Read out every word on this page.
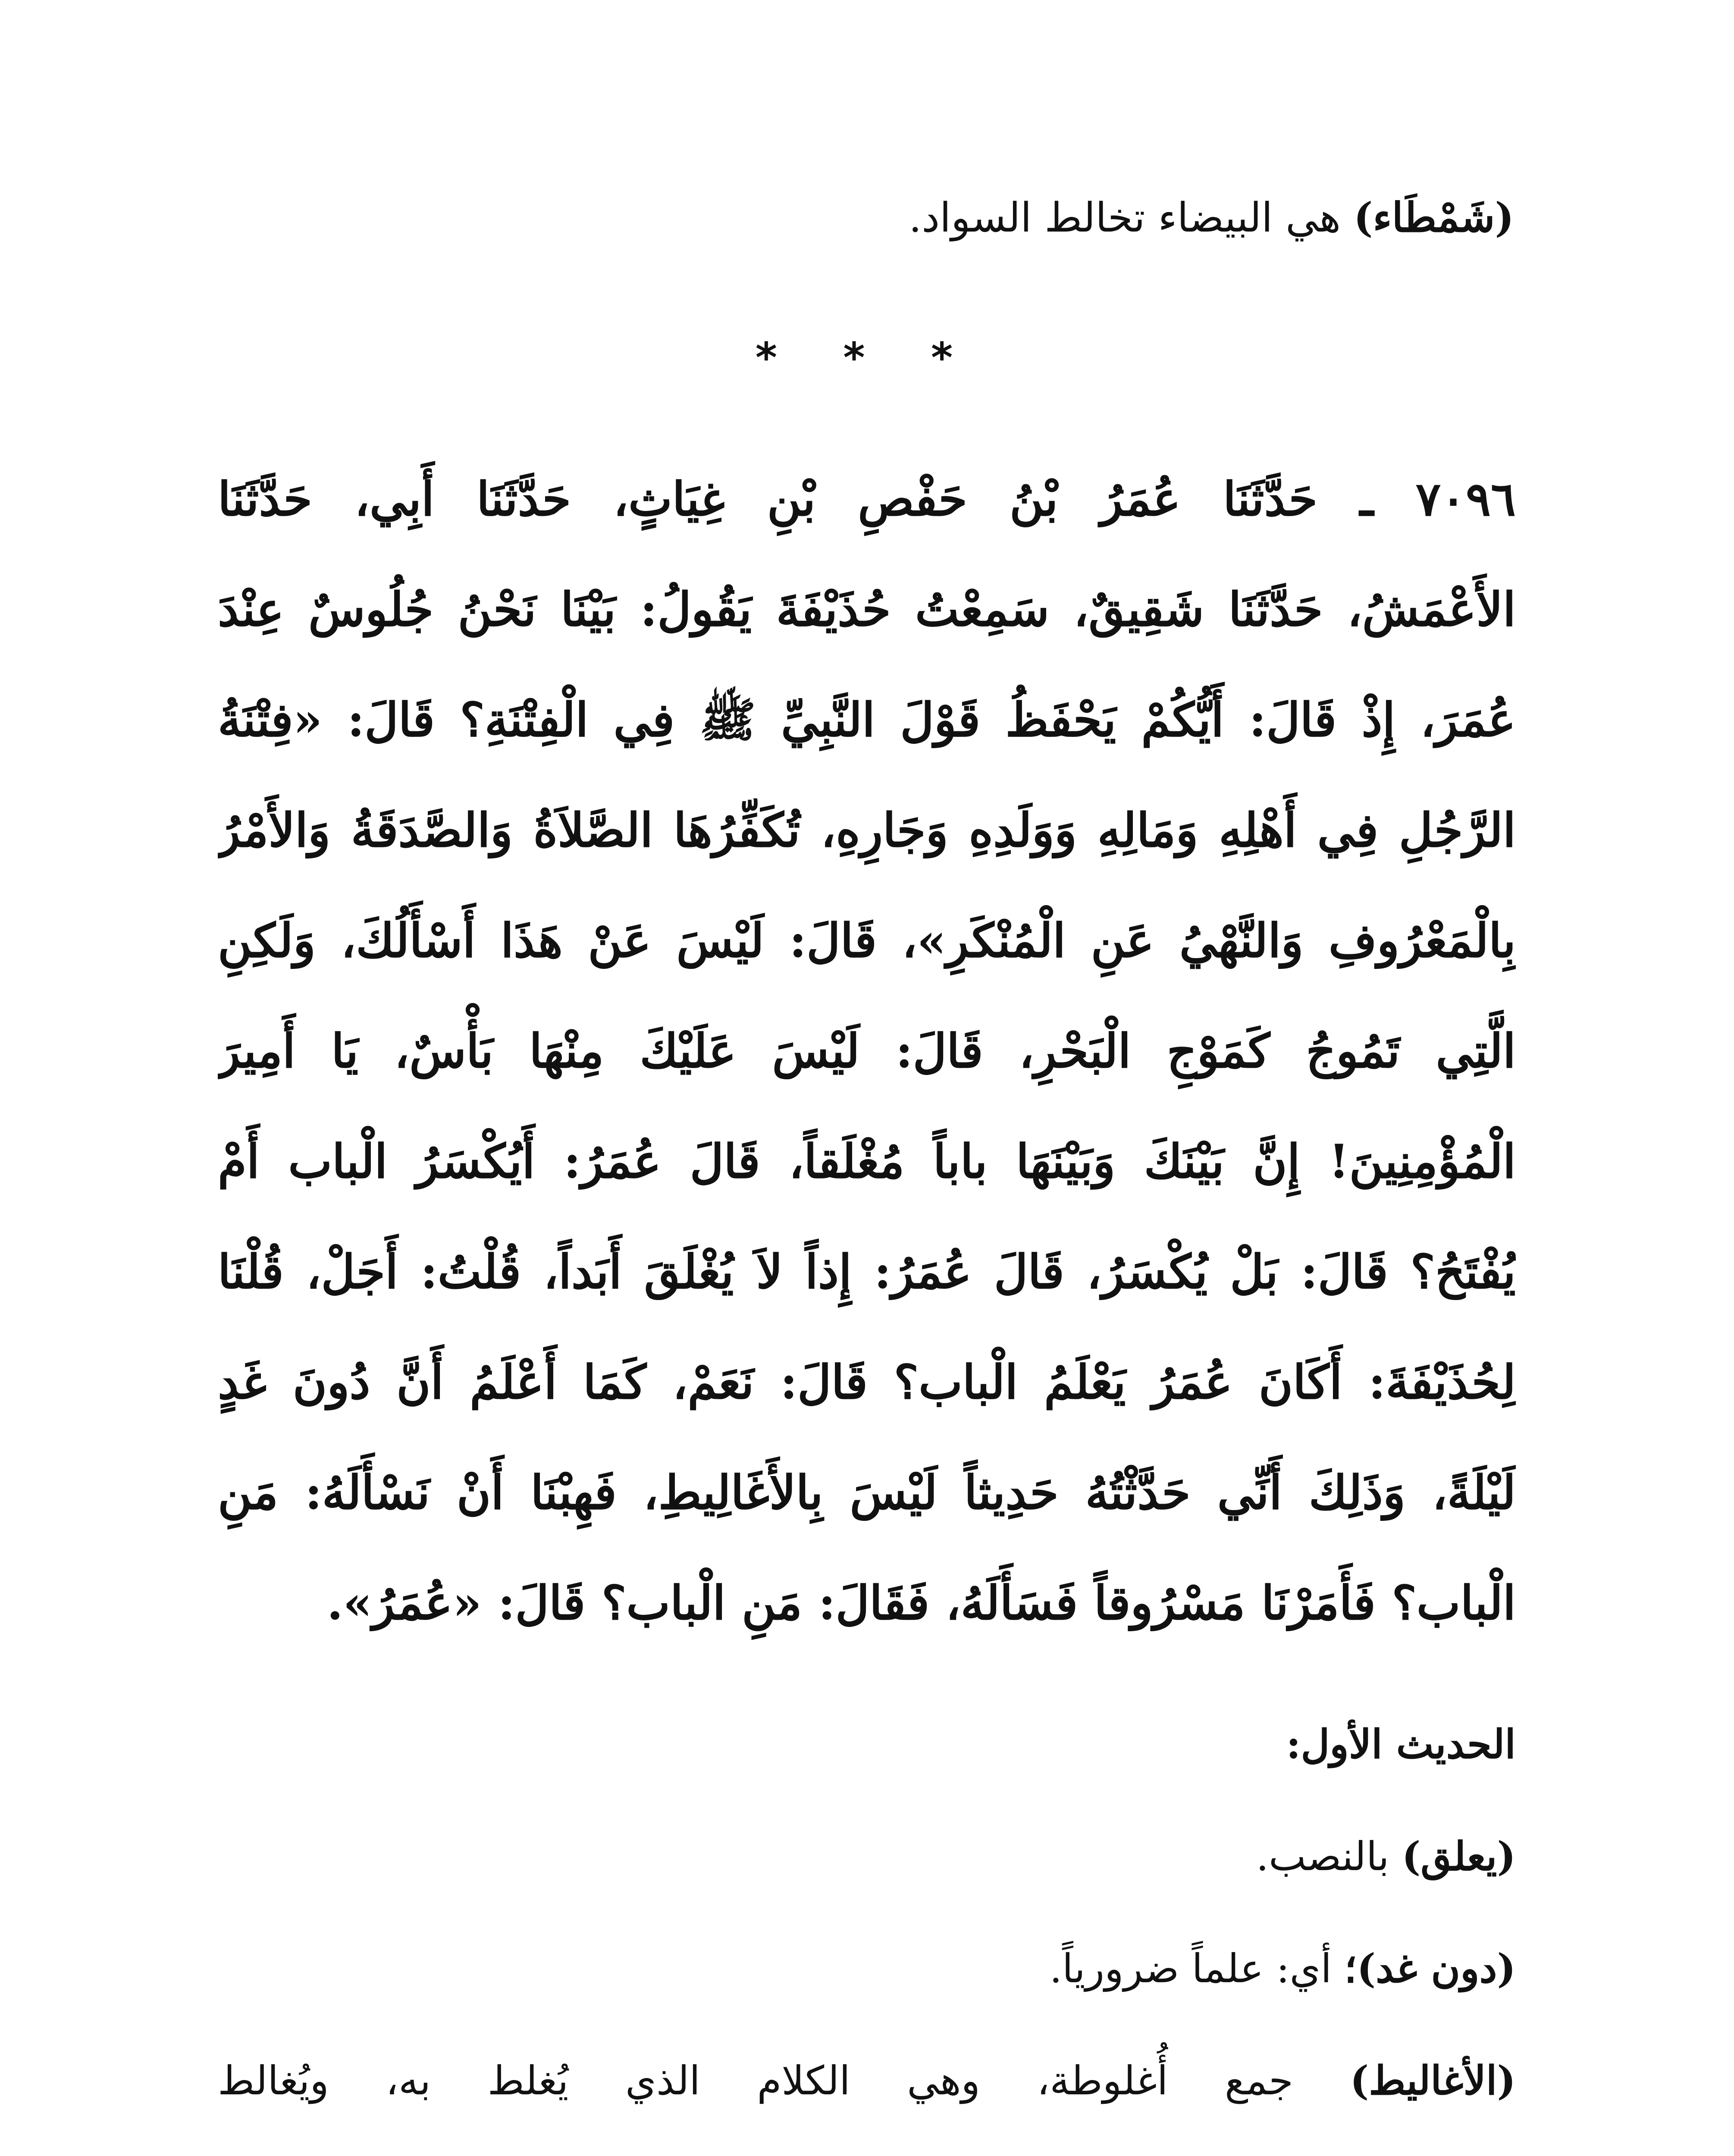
(شَمْطَاء) هي البيضاء تخالط السواد.
* * *
٧٠٩٦ ـ حَدَّثَنَا عُمَرُ بْنُ حَفْصِ بْنِ غِيَاثٍ، حَدَّثَنَا أَبِي، حَدَّثَنَا
الأَعْمَشُ، حَدَّثَنَا شَقِيقٌ، سَمِعْتُ حُذَيْفَةَ يَقُولُ: بَيْنَا نَحْنُ جُلُوسٌ عِنْدَ
عُمَرَ، إِذْ قَالَ: أَيُّكُمْ يَحْفَظُ قَوْلَ النَّبِيِّ ﷺ فِي الْفِتْنَةِ؟ قَالَ: «فِتْنَةُ
الرَّجُلِ فِي أَهْلِهِ وَمَالِهِ وَوَلَدِهِ وَجَارِهِ، تُكَفِّرُهَا الصَّلاَةُ وَالصَّدَقَةُ وَالأَمْرُ
بِالْمَعْرُوفِ وَالنَّهْيُ عَنِ الْمُنْكَرِ»، قَالَ: لَيْسَ عَنْ هَذَا أَسْأَلُكَ، وَلَكِنِ
الَّتِي تَمُوجُ كَمَوْجِ الْبَحْرِ، قَالَ: لَيْسَ عَلَيْكَ مِنْهَا بَأْسٌ، يَا أَمِيرَ
الْمُؤْمِنِينَ! إِنَّ بَيْنَكَ وَبَيْنَهَا باباً مُغْلَقاً، قَالَ عُمَرُ: أَيُكْسَرُ الْباب أَمْ
يُفْتَحُ؟ قَالَ: بَلْ يُكْسَرُ، قَالَ عُمَرُ: إِذاً لاَ يُغْلَقَ أَبَداً، قُلْتُ: أَجَلْ، قُلْنَا
لِحُذَيْفَةَ: أَكَانَ عُمَرُ يَعْلَمُ الْباب؟ قَالَ: نَعَمْ، كَمَا أَعْلَمُ أَنَّ دُونَ غَدٍ
لَيْلَةً، وَذَلِكَ أَنِّي حَدَّثْتُهُ حَدِيثاً لَيْسَ بِالأَغَالِيطِ، فَهِبْنَا أَنْ نَسْأَلَهُ: مَنِ
الْباب؟ فَأَمَرْنَا مَسْرُوقاً فَسَأَلَهُ، فَقَالَ: مَنِ الْباب؟ قَالَ: «عُمَرُ».
الحديث الأول:
(يعلق) بالنصب.
(دون غد)؛ أي: علماً ضرورياً.
(الأغاليط) جمع أُغلوطة، وهي الكلام الذي يُغلط به، ويُغالط
